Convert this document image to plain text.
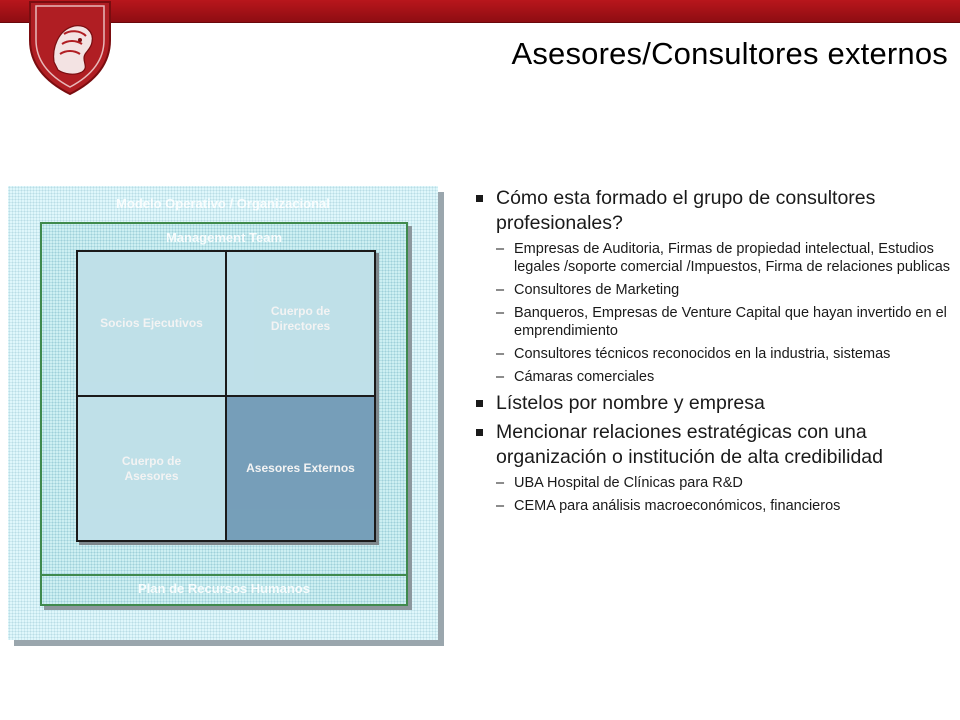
Asesores/Consultores externos
Modelo Operativo / Organizacional
Management Team
Socios Ejecutivos
Cuerpo de Directores
Cuerpo de Asesores
Asesores Externos
Plan de Recursos Humanos
Cómo esta formado el grupo de consultores profesionales?
– Empresas de Auditoria, Firmas de propiedad intelectual, Estudios legales /soporte comercial /Impuestos, Firma de relaciones publicas
– Consultores de Marketing
– Banqueros, Empresas de Venture Capital que hayan invertido en el emprendimiento
– Consultores técnicos reconocidos en la industria, sistemas
– Cámaras comerciales
Lístelos por nombre y empresa
Mencionar relaciones estratégicas con una organización o institución de alta credibilidad
– UBA Hospital de Clínicas para R&D
– CEMA para análisis macroeconómicos, financieros
